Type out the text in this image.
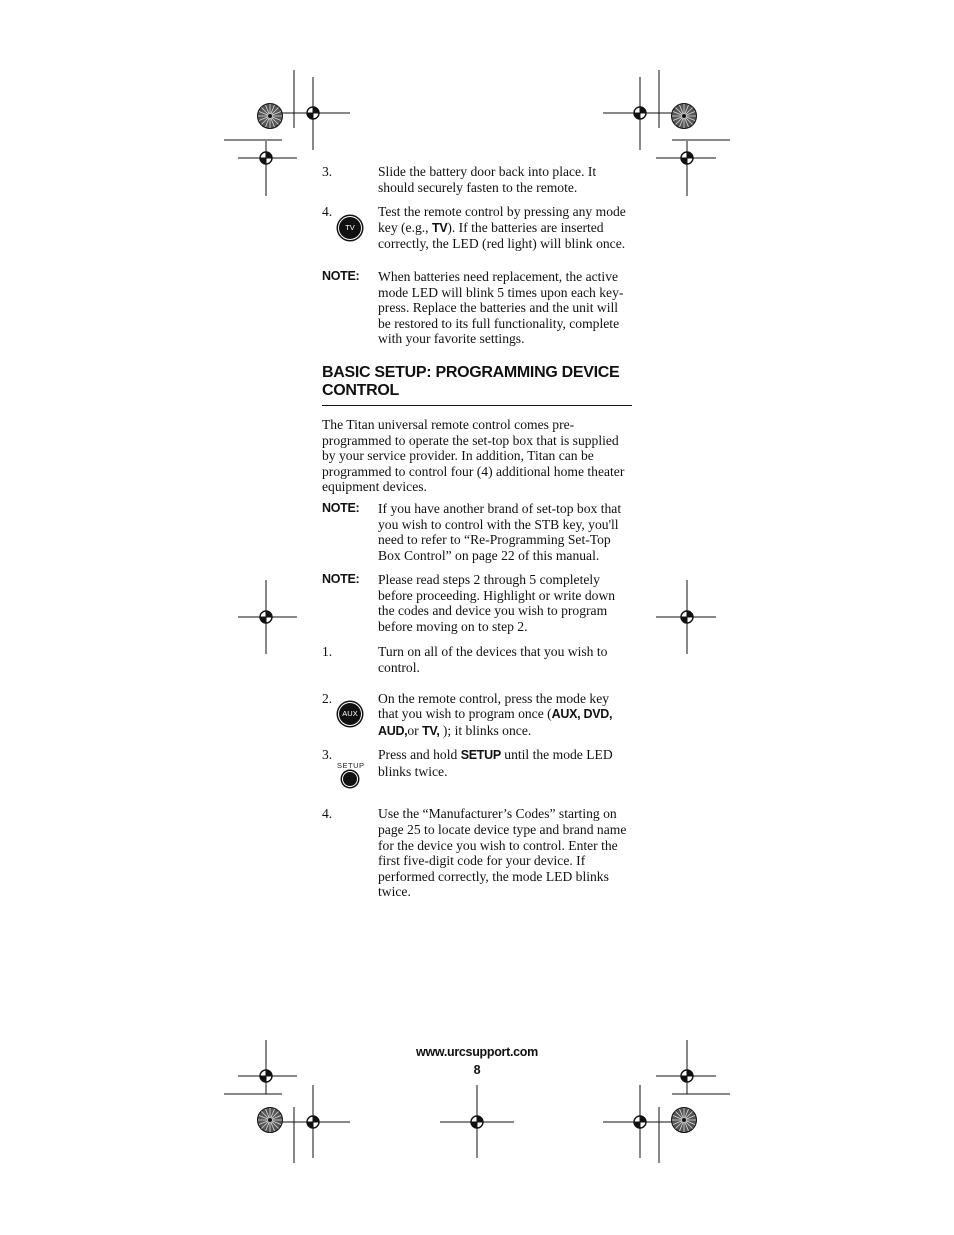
3.	Slide the battery door back into place. It should securely fasten to the remote.
4.
TV
Test the remote control by pressing any mode key (e.g., TV). If the batteries are inserted correctly, the LED (red light) will blink once.
NOTE:	When batteries need replacement, the active mode LED will blink 5 times upon each key-press. Replace the batteries and the unit will be restored to its full functionality, complete with your favorite settings.
BASIC SETUP: PROGRAMMING DEVICE CONTROL
The Titan universal remote control comes pre-programmed to operate the set-top box that is supplied by your service provider. In addition, Titan can be programmed to control four (4) additional home theater equipment devices.
NOTE:	If you have another brand of set-top box that you wish to control with the STB key, you'll need to refer to “Re-Programming Set-Top Box Control” on page 22 of this manual.
NOTE:	Please read steps 2 through 5 completely before proceeding. Highlight or write down the codes and device you wish to program before moving on to step 2.
1.	Turn on all of the devices that you wish to control.
2.
AUX
On the remote control, press the mode key that you wish to program once (AUX, DVD, AUD,or TV, ); it blinks once.
3.
SETUP
Press and hold SETUP until the mode LED blinks twice.
4.	Use the “Manufacturer’s Codes” starting on page 25 to locate device type and brand name for the device you wish to control. Enter the first five-digit code for your device. If performed correctly, the mode LED blinks twice.
www.urcsupport.com
8
